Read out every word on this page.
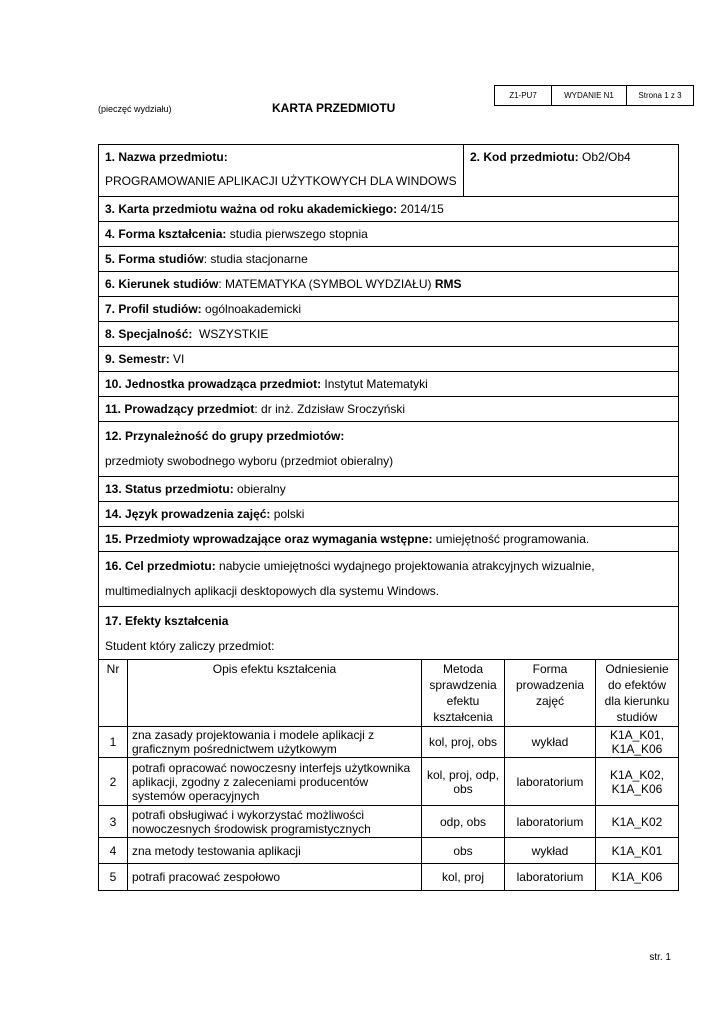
Z1-PU7	WYDANIE N1	Strona 1 z 3
(pieczęć wydziału)	KARTA PRZEDMIOTU
1. Nazwa przedmiotu:
PROGRAMOWANIE APLIKACJI UŻYTKOWYCH DLA WINDOWS
2. Kod przedmiotu: Ob2/Ob4
3. Karta przedmiotu ważna od roku akademickiego: 2014/15
4. Forma kształcenia: studia pierwszego stopnia
5. Forma studiów: studia stacjonarne
6. Kierunek studiów: MATEMATYKA (SYMBOL WYDZIAŁU) RMS
7. Profil studiów: ogólnoakademicki
8. Specjalność: WSZYSTKIE
9. Semestr: VI
10. Jednostka prowadząca przedmiot: Instytut Matematyki
11. Prowadzący przedmiot: dr inż. Zdzisław Sroczyński
12. Przynależność do grupy przedmiotów:
przedmioty swobodnego wyboru (przedmiot obieralny)
13. Status przedmiotu: obieralny
14. Język prowadzenia zajęć: polski
15. Przedmioty wprowadzające oraz wymagania wstępne: umiejętność programowania.
16. Cel przedmiotu: nabycie umiejętności wydajnego projektowania atrakcyjnych wizualnie, multimedialnych aplikacji desktopowych dla systemu Windows.
17. Efekty kształcenia
Student który zaliczy przedmiot:
Nr	Opis efektu kształcenia	Metoda sprawdzenia efektu kształcenia	Forma prowadzenia zajęć	Odniesienie do efektów dla kierunku studiów
1	zna zasady projektowania i modele aplikacji z graficznym pośrednictwem użytkowym	kol, proj, obs	wykład	K1A_K01, K1A_K06
2	potrafi opracować nowoczesny interfejs użytkownika aplikacji, zgodny z zaleceniami producentów systemów operacyjnych	kol, proj, odp, obs	laboratorium	K1A_K02, K1A_K06
3	potrafi obsługiwać i wykorzystać możliwości nowoczesnych środowisk programistycznych	odp, obs	laboratorium	K1A_K02
4	zna metody testowania aplikacji	obs	wykład	K1A_K01
5	potrafi pracować zespołowo	kol, proj	laboratorium	K1A_K06
str. 1
